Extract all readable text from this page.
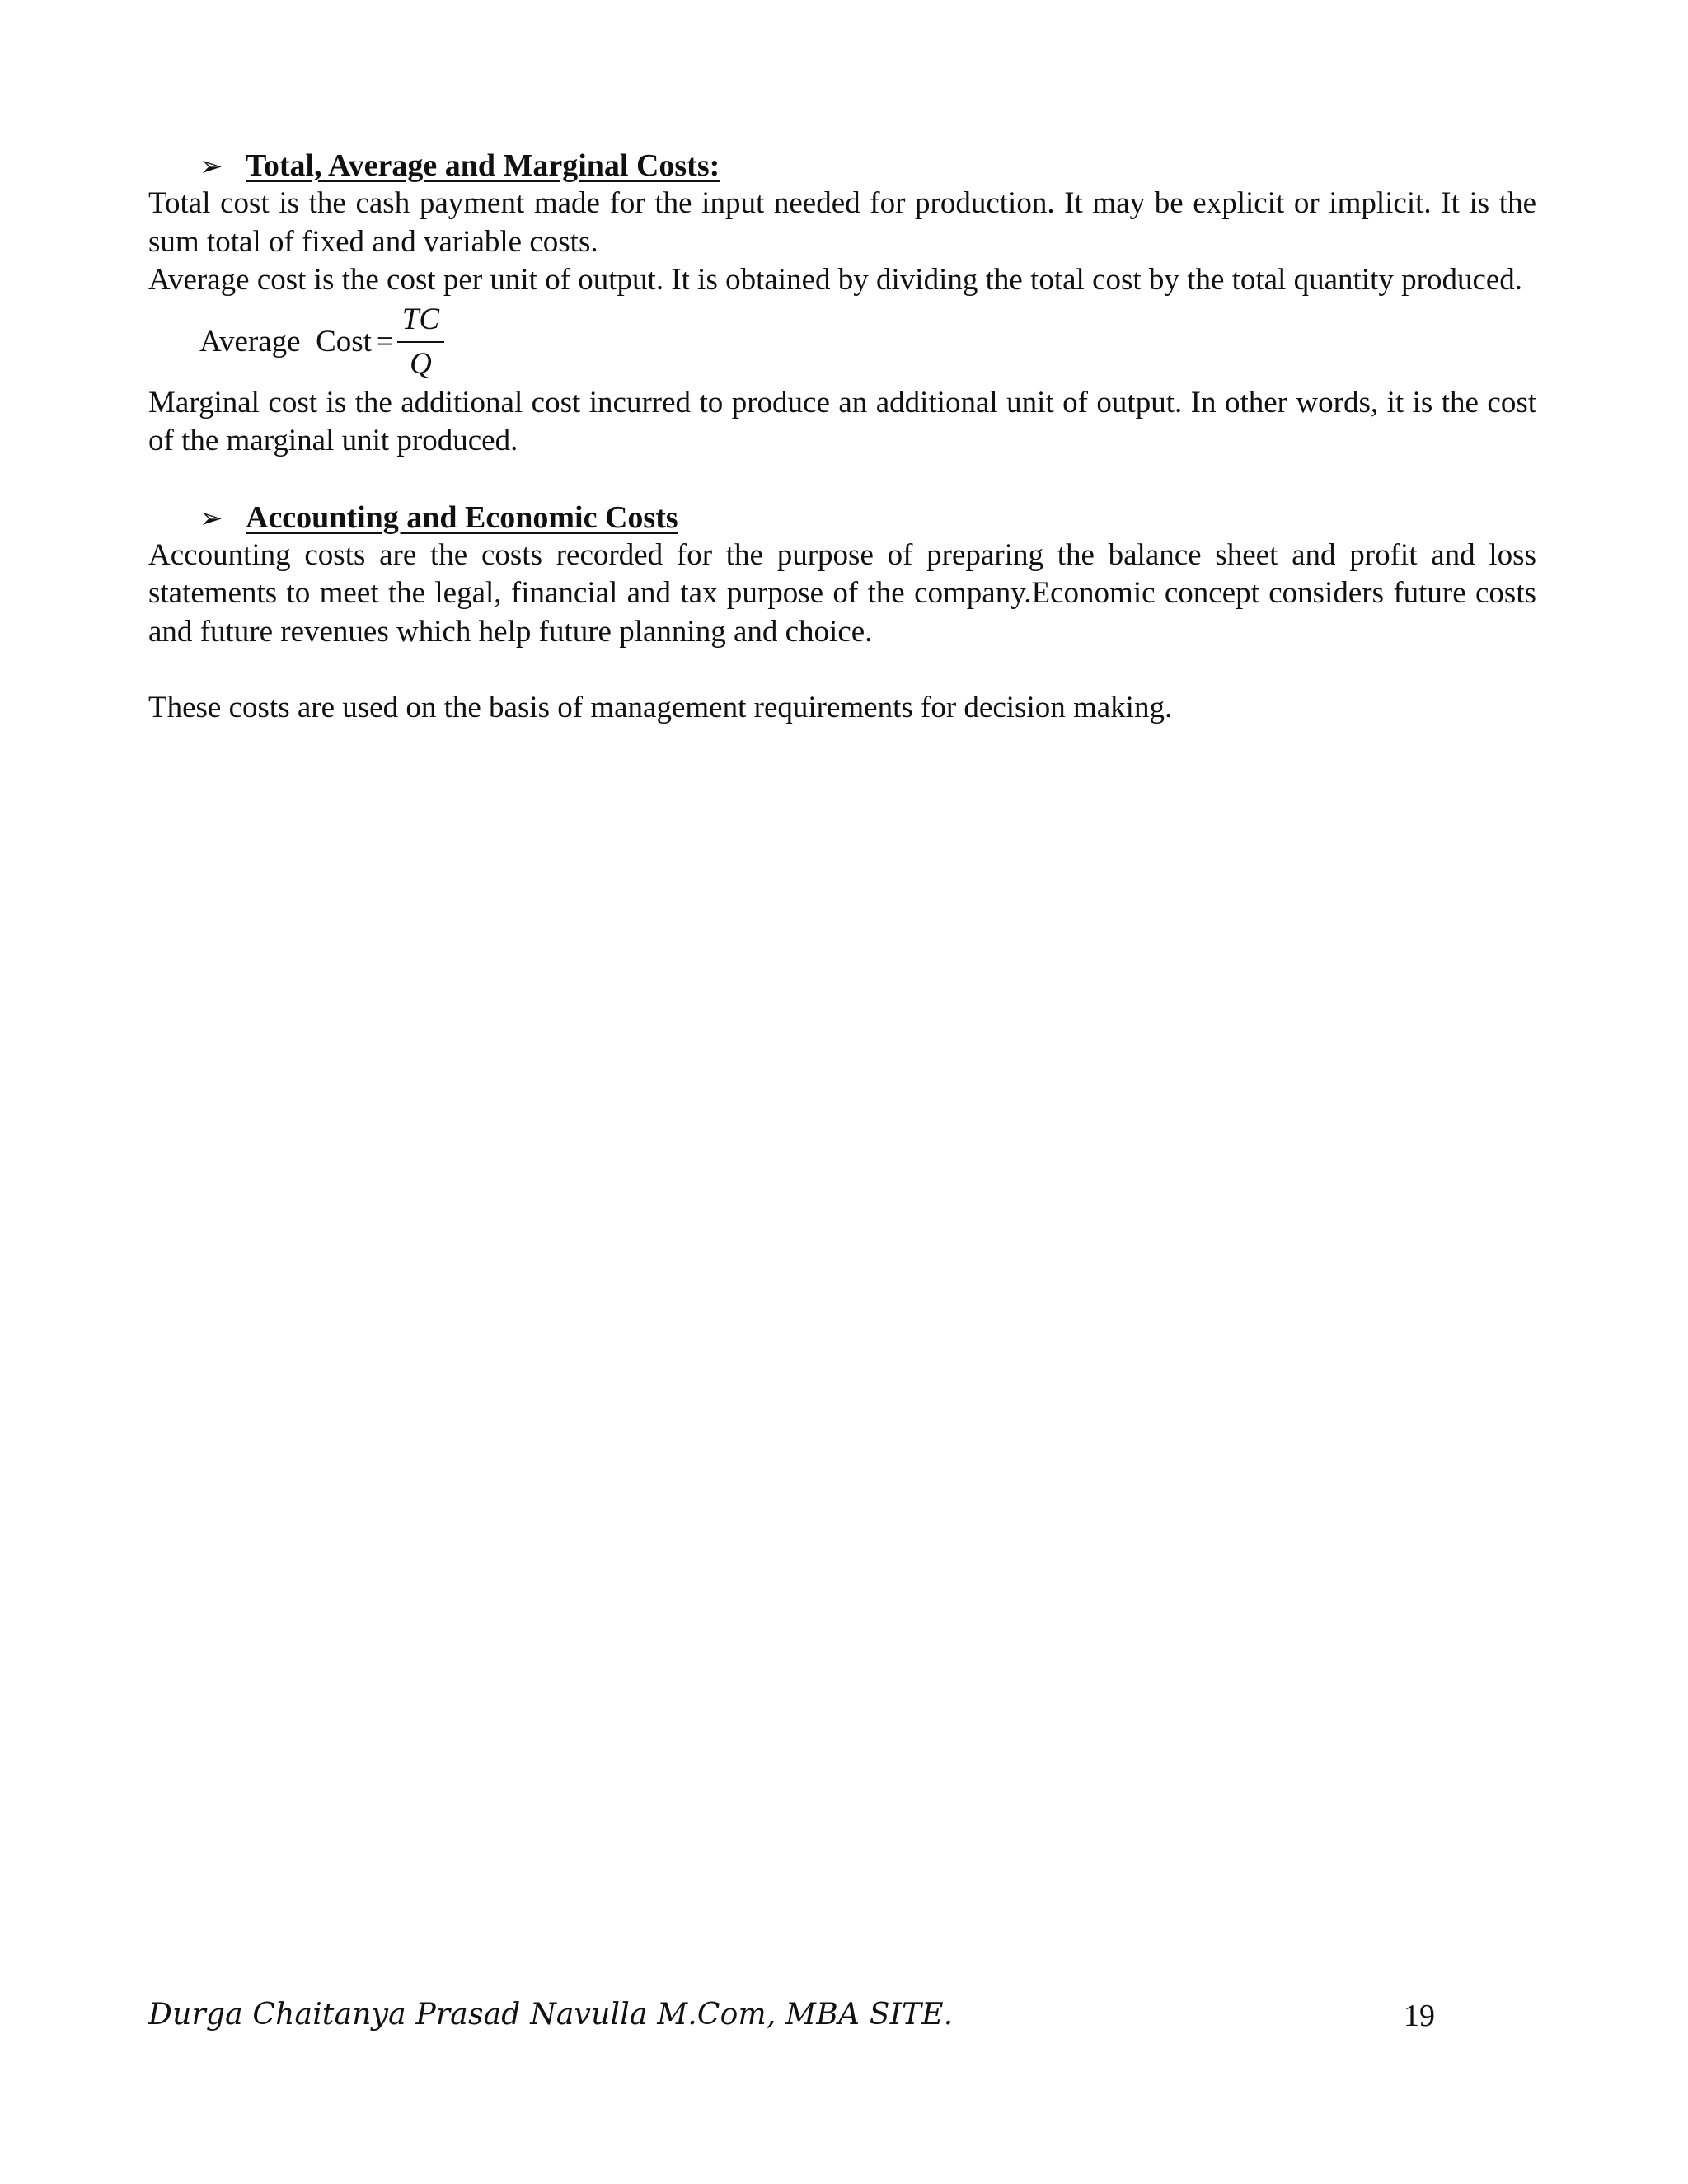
➢ Total, Average and Marginal Costs:

Total cost is the cash payment made for the input needed for production. It may be explicit or implicit. It is the sum total of fixed and variable costs.

Average cost is the cost per unit of output. It is obtained by dividing the total cost by the total quantity produced.

Average  Cost = $\frac{TC}{Q}$

Marginal cost is the additional cost incurred to produce an additional unit of output. In other words, it is the cost of the marginal unit produced.

➢ Accounting and Economic Costs

Accounting costs are the costs recorded for the purpose of preparing the balance sheet and profit and loss statements to meet the legal, financial and tax purpose of the company.Economic concept considers future costs and future revenues which help future planning and choice.

These costs are used on the basis of management requirements for decision making.

Durga Chaitanya Prasad Navulla M.Com, MBA SITE.	19
